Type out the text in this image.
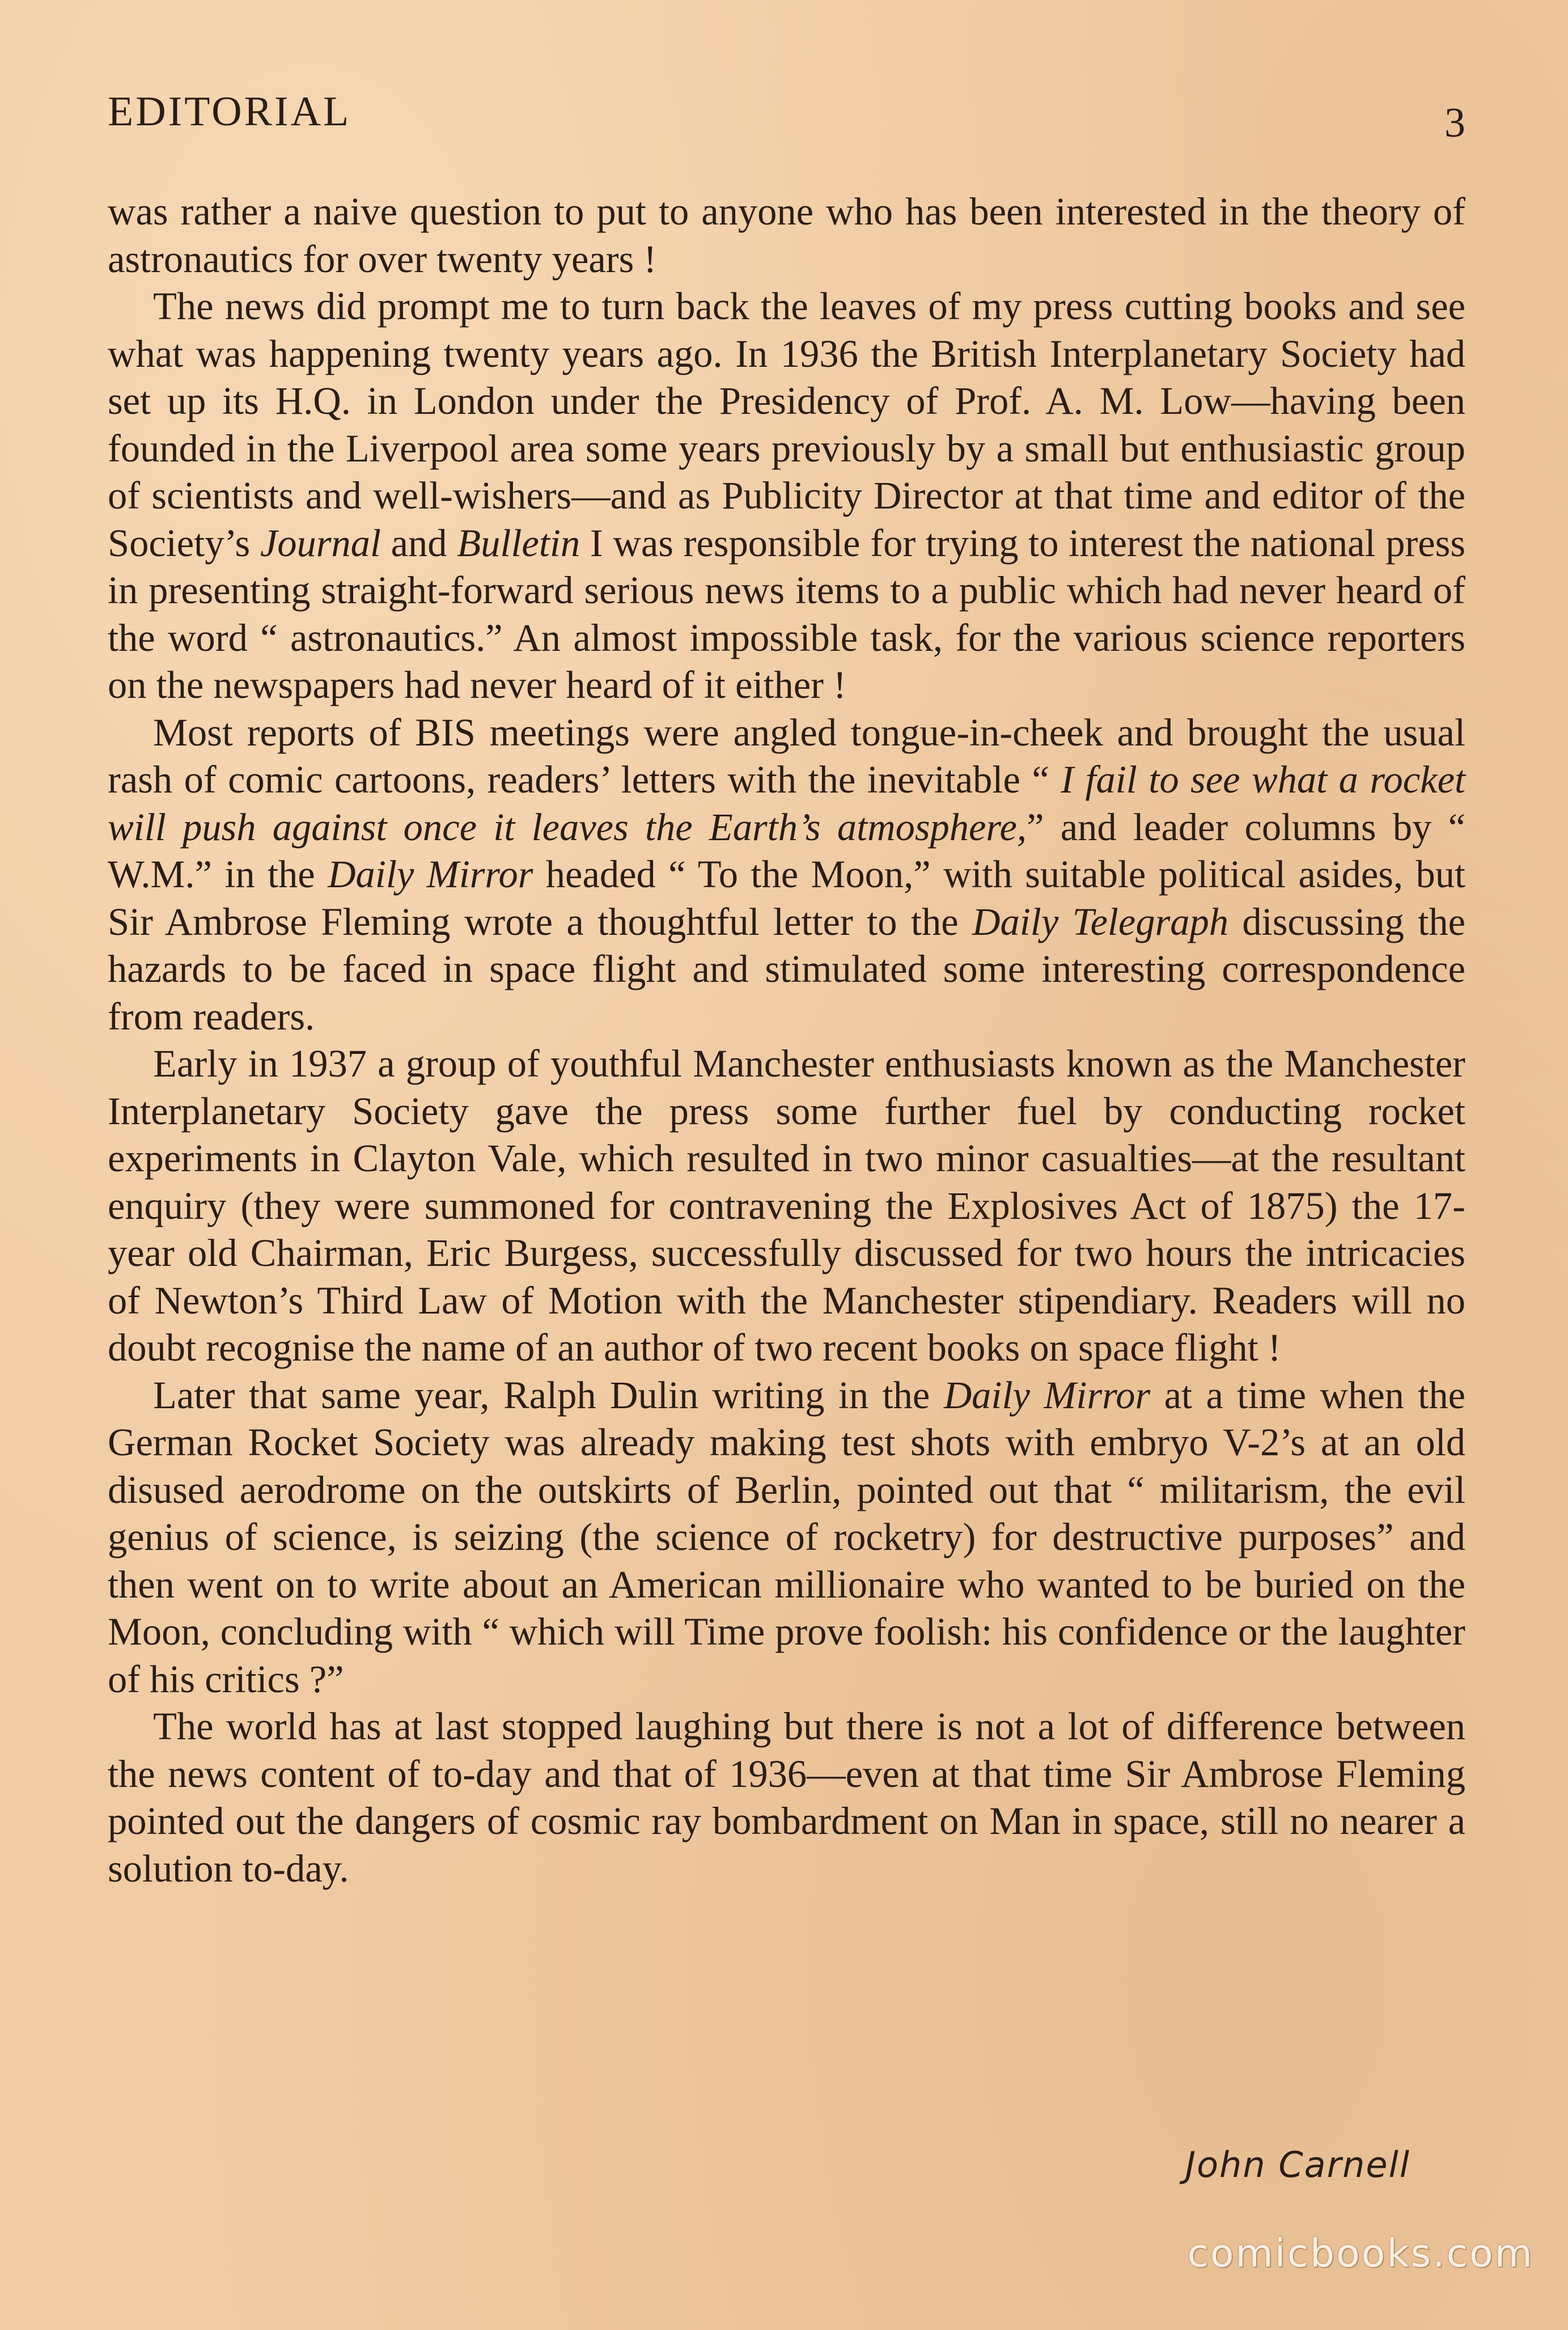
EDITORIAL	3

was rather a naive question to put to anyone who has been interested in the theory of astronautics for over twenty years !

The news did prompt me to turn back the leaves of my press cutting books and see what was happening twenty years ago. In 1936 the British Interplanetary Society had set up its H.Q. in London under the Presidency of Prof. A. M. Low—having been founded in the Liverpool area some years previously by a small but enthusiastic group of scientists and well-wishers—and as Publicity Director at that time and editor of the Society’s Journal and Bulletin I was responsible for trying to interest the national press in presenting straight-forward serious news items to a public which had never heard of the word “ astronautics.” An almost impossible task, for the various science reporters on the newspapers had never heard of it either !

Most reports of BIS meetings were angled tongue-in-cheek and brought the usual rash of comic cartoons, readers’ letters with the inevitable “ I fail to see what a rocket will push against once it leaves the Earth’s atmosphere,” and leader columns by “ W.M.” in the Daily Mirror headed “ To the Moon,” with suitable political asides, but Sir Ambrose Fleming wrote a thoughtful letter to the Daily Telegraph discussing the hazards to be faced in space flight and stimulated some interesting correspondence from readers.

Early in 1937 a group of youthful Manchester enthusiasts known as the Manchester Interplanetary Society gave the press some further fuel by conducting rocket experiments in Clayton Vale, which resulted in two minor casualties—at the resultant enquiry (they were summoned for contravening the Explosives Act of 1875) the 17-year old Chairman, Eric Burgess, successfully discussed for two hours the intricacies of Newton’s Third Law of Motion with the Manchester stipendiary. Readers will no doubt recognise the name of an author of two recent books on space flight !

Later that same year, Ralph Dulin writing in the Daily Mirror at a time when the German Rocket Society was already making test shots with embryo V-2’s at an old disused aerodrome on the outskirts of Berlin, pointed out that “ militarism, the evil genius of science, is seizing (the science of rocketry) for destructive purposes” and then went on to write about an American millionaire who wanted to be buried on the Moon, concluding with “ which will Time prove foolish: his confidence or the laughter of his critics ?”

The world has at last stopped laughing but there is not a lot of difference between the news content of to-day and that of 1936—even at that time Sir Ambrose Fleming pointed out the dangers of cosmic ray bombardment on Man in space, still no nearer a solution to-day.

John Carnell
comicbooks.com
